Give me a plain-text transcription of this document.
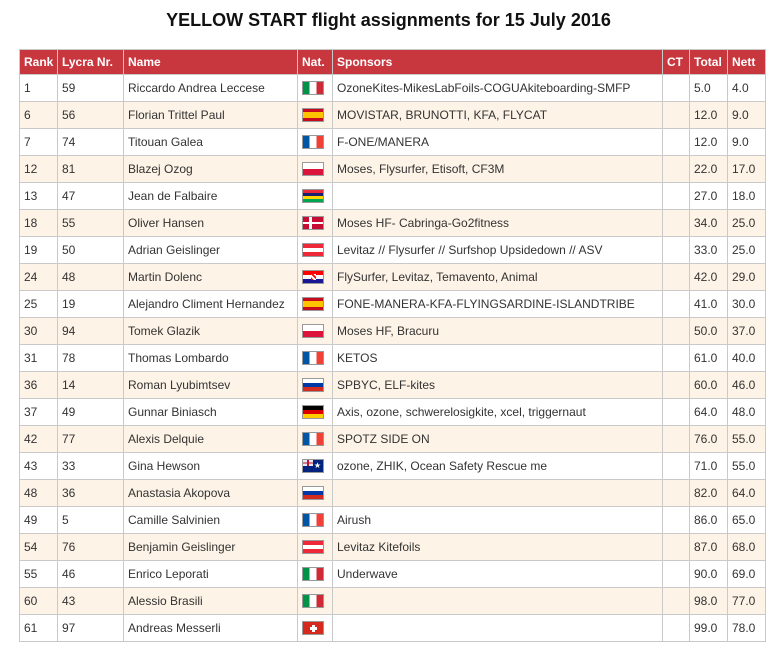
YELLOW START flight assignments for 15 July 2016
Rank	Lycra Nr.	Name	Nat.	Sponsors	CT	Total	Nett
1	59	Riccardo Andrea Leccese		OzoneKites-MikesLabFoils-COGUAkiteboarding-SMFP		5.0	4.0
6	56	Florian Trittel Paul		MOVISTAR, BRUNOTTI, KFA, FLYCAT		12.0	9.0
7	74	Titouan Galea		F-ONE/MANERA		12.0	9.0
12	81	Blazej Ozog		Moses, Flysurfer, Etisoft, CF3M		22.0	17.0
13	47	Jean de Falbaire				27.0	18.0
18	55	Oliver Hansen		Moses HF- Cabringa-Go2fitness		34.0	25.0
19	50	Adrian Geislinger		Levitaz // Flysurfer // Surfshop Upsidedown // ASV		33.0	25.0
24	48	Martin Dolenc		FlySurfer, Levitaz, Temavento, Animal		42.0	29.0
25	19	Alejandro Climent Hernandez		FONE-MANERA-KFA-FLYINGSARDINE-ISLANDTRIBE		41.0	30.0
30	94	Tomek Glazik		Moses HF, Bracuru		50.0	37.0
31	78	Thomas Lombardo		KETOS		61.0	40.0
36	14	Roman Lyubimtsev		SPBYC, ELF-kites		60.0	46.0
37	49	Gunnar Biniasch		Axis, ozone, schwerelosigkite, xcel, triggernaut		64.0	48.0
42	77	Alexis Delquie		SPOTZ SIDE ON		76.0	55.0
43	33	Gina Hewson	★	ozone, ZHIK, Ocean Safety Rescue me		71.0	55.0
48	36	Anastasia Akopova				82.0	64.0
49	5	Camille Salvinien		Airush		86.0	65.0
54	76	Benjamin Geislinger		Levitaz Kitefoils		87.0	68.0
55	46	Enrico Leporati		Underwave		90.0	69.0
60	43	Alessio Brasili				98.0	77.0
61	97	Andreas Messerli				99.0	78.0
